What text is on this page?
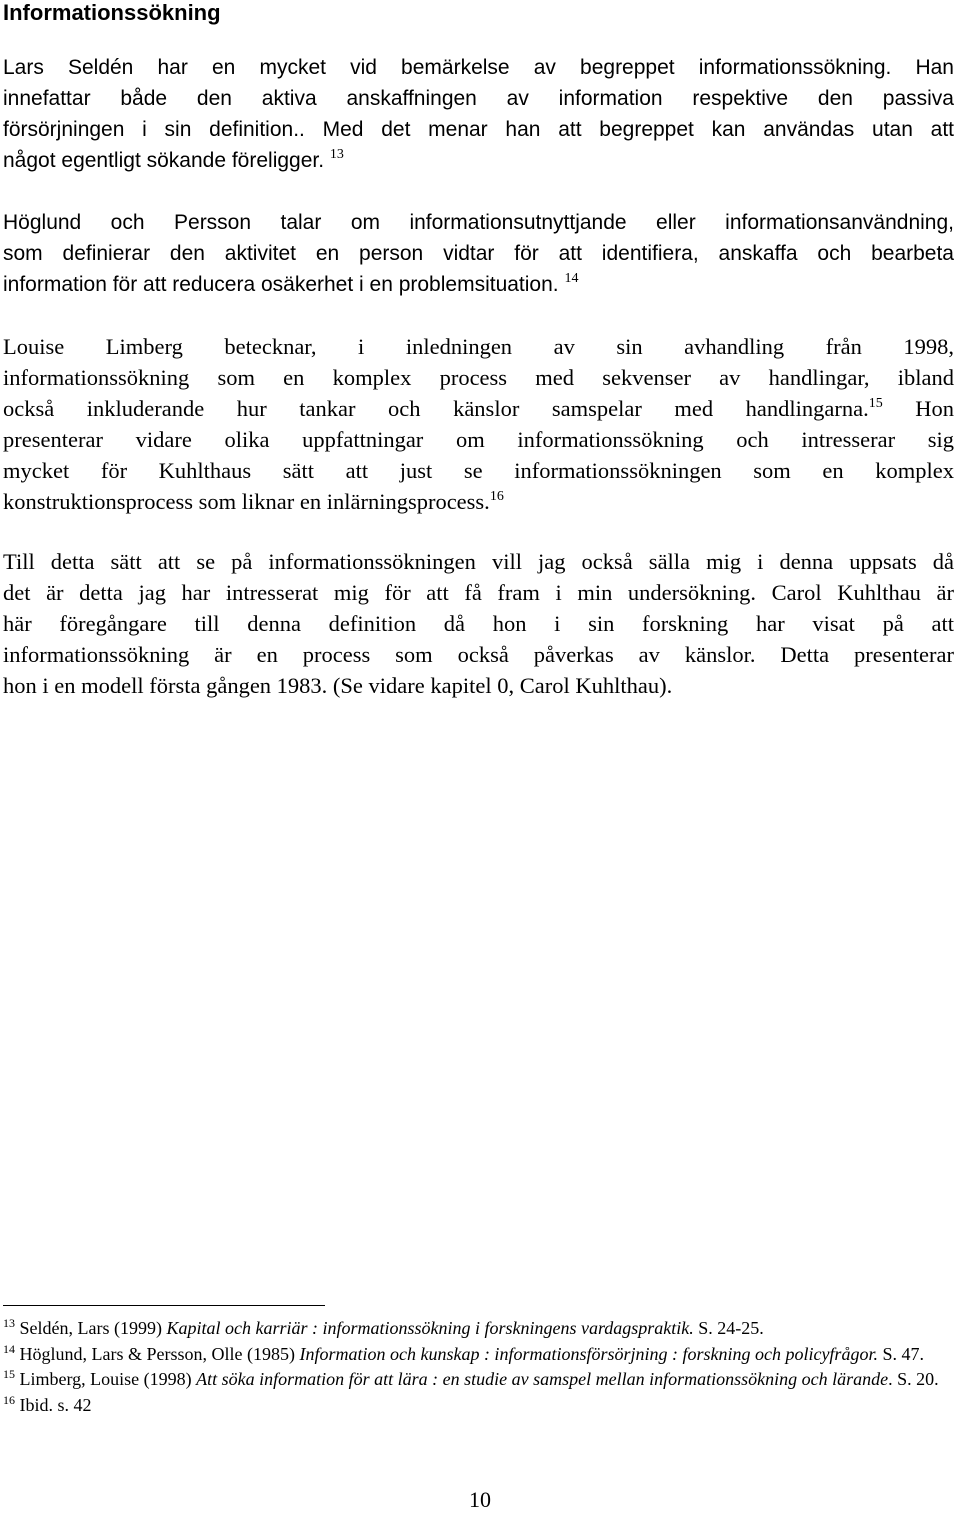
Informationssökning

Lars Seldén har en mycket vid bemärkelse av begreppet informationssökning. Han
innefattar både den aktiva anskaffningen av information respektive den passiva
försörjningen i sin definition.. Med det menar han att begreppet kan användas utan att
något egentligt sökande föreligger. $^{13}$

Höglund och Persson talar om informationsutnyttjande eller informationsanvändning,
som definierar den aktivitet en person vidtar för att identifiera, anskaffa och bearbeta
information för att reducera osäkerhet i en problemsituation. $^{14}$

Louise Limberg betecknar, i inledningen av sin avhandling från 1998,
informationssökning som en komplex process med sekvenser av handlingar, ibland
också inkluderande hur tankar och känslor samspelar med handlingarna.$^{15}$ Hon
presenterar vidare olika uppfattningar om informationssökning och intresserar sig
mycket för Kuhlthaus sätt att just se informationssökningen som en komplex
konstruktionsprocess som liknar en inlärningsprocess.$^{16}$

Till detta sätt att se på informationssökningen vill jag också sälla mig i denna uppsats då
det är detta jag har intresserat mig för att få fram i min undersökning. Carol Kuhlthau är
här föregångare till denna definition då hon i sin forskning har visat på att
informationssökning är en process som också påverkas av känslor. Detta presenterar
hon i en modell första gången 1983. (Se vidare kapitel 0, Carol Kuhlthau).

$^{13}$ Seldén, Lars (1999) Kapital och karriär : informationssökning i forskningens vardagspraktik. S. 24-25.

$^{14}$ Höglund, Lars & Persson, Olle (1985) Information och kunskap : informationsförsörjning : forskning och policyfrågor. S. 47.

$^{15}$ Limberg, Louise (1998) Att söka information för att lära : en studie av samspel mellan informationssökning och lärande. S. 20.

$^{16}$ Ibid. s. 42

10
